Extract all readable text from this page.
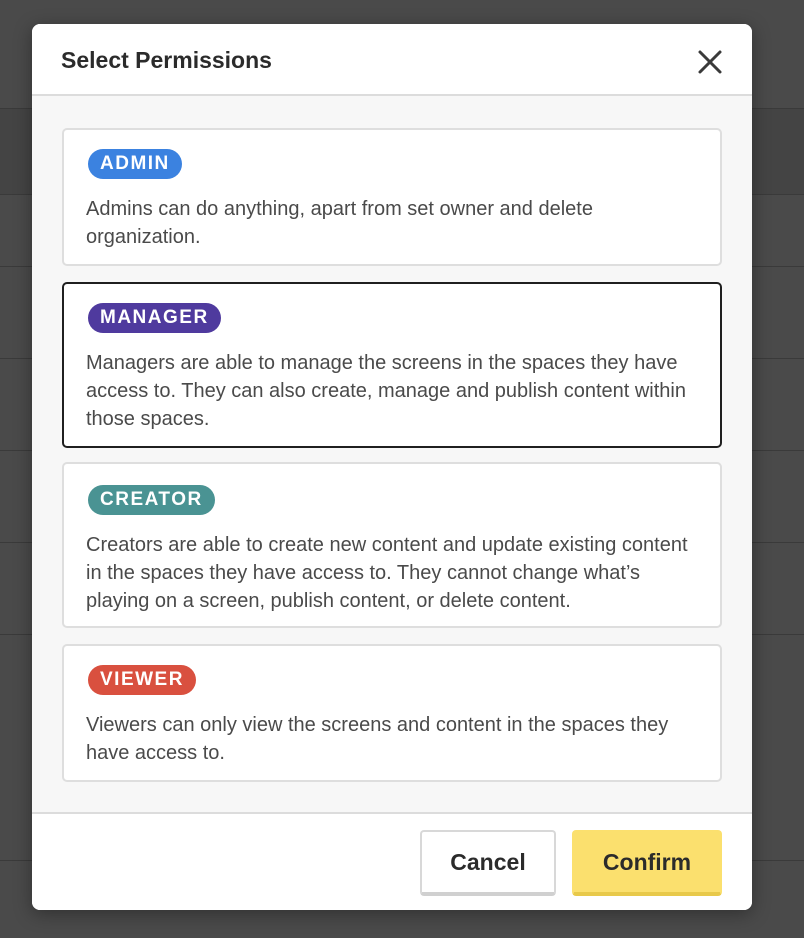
Select Permissions
ADMIN

Admins can do anything, apart from set owner and delete organization.

MANAGER

Managers are able to manage the screens in the spaces they have access to. They can also create, manage and publish content within those spaces.

CREATOR

Creators are able to create new content and update existing content in the spaces they have access to. They cannot change what’s playing on a screen, publish content, or delete content.

VIEWER

Viewers can only view the screens and content in the spaces they have access to.

Cancel	Confirm
